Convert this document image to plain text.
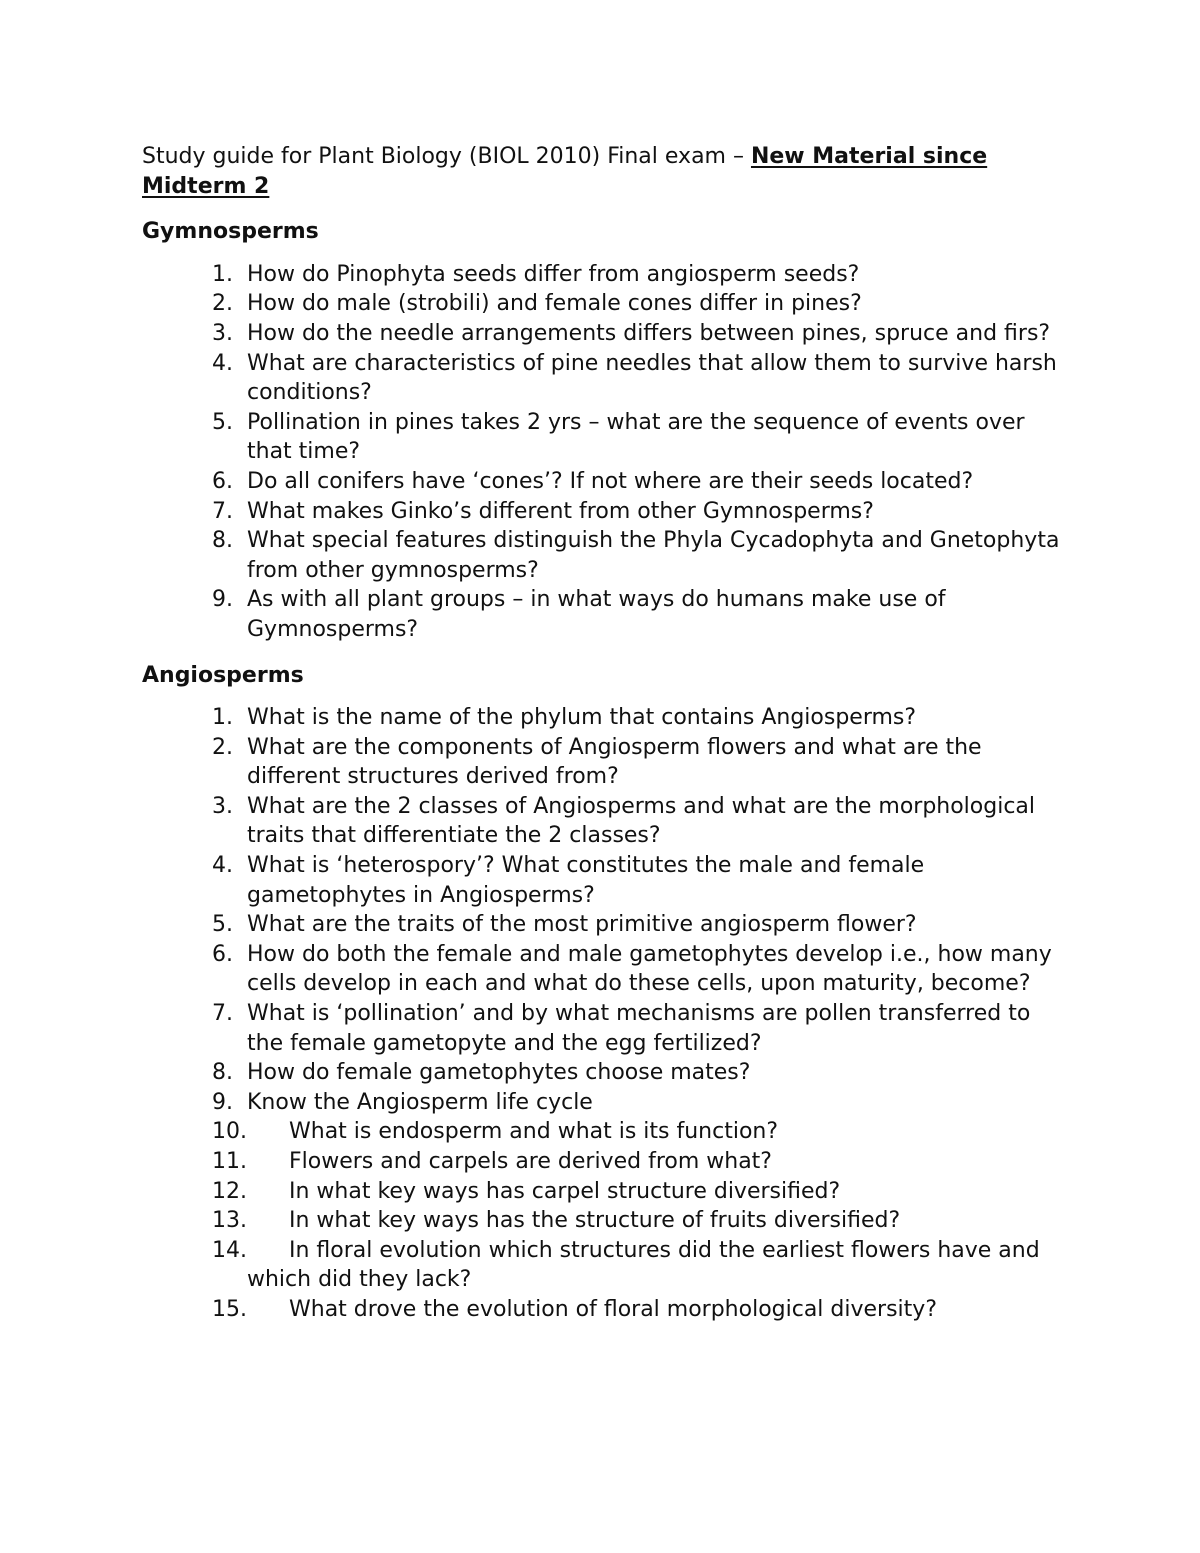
Study guide for Plant Biology (BIOL 2010) Final exam – New Material since Midterm 2

Gymnosperms
1. How do Pinophyta seeds differ from angiosperm seeds?
2. How do male (strobili) and female cones differ in pines?
3. How do the needle arrangements differs between pines, spruce and firs?
4. What are characteristics of pine needles that allow them to survive harsh conditions?
5. Pollination in pines takes 2 yrs – what are the sequence of events over that time?
6. Do all conifers have ‘cones’? If not where are their seeds located?
7. What makes Ginko’s different from other Gymnosperms?
8. What special features distinguish the Phyla Cycadophyta and Gnetophyta from other gymnosperms?
9. As with all plant groups – in what ways do humans make use of Gymnosperms?
Angiosperms
1. What is the name of the phylum that contains Angiosperms?
2. What are the components of Angiosperm flowers and what are the different structures derived from?
3. What are the 2 classes of Angiosperms and what are the morphological traits that differentiate the 2 classes?
4. What is ‘heterospory’? What constitutes the male and female gametophytes in Angiosperms?
5. What are the traits of the most primitive angiosperm flower?
6. How do both the female and male gametophytes develop i.e., how many cells develop in each and what do these cells, upon maturity, become?
7. What is ‘pollination’ and by what mechanisms are pollen transferred to the female gametopyte and the egg fertilized?
8. How do female gametophytes choose mates?
9. Know the Angiosperm life cycle
10. What is endosperm and what is its function?
11. Flowers and carpels are derived from what?
12. In what key ways has carpel structure diversified?
13. In what key ways has the structure of fruits diversified?
14. In floral evolution which structures did the earliest flowers have and which did they lack?
15. What drove the evolution of floral morphological diversity?
